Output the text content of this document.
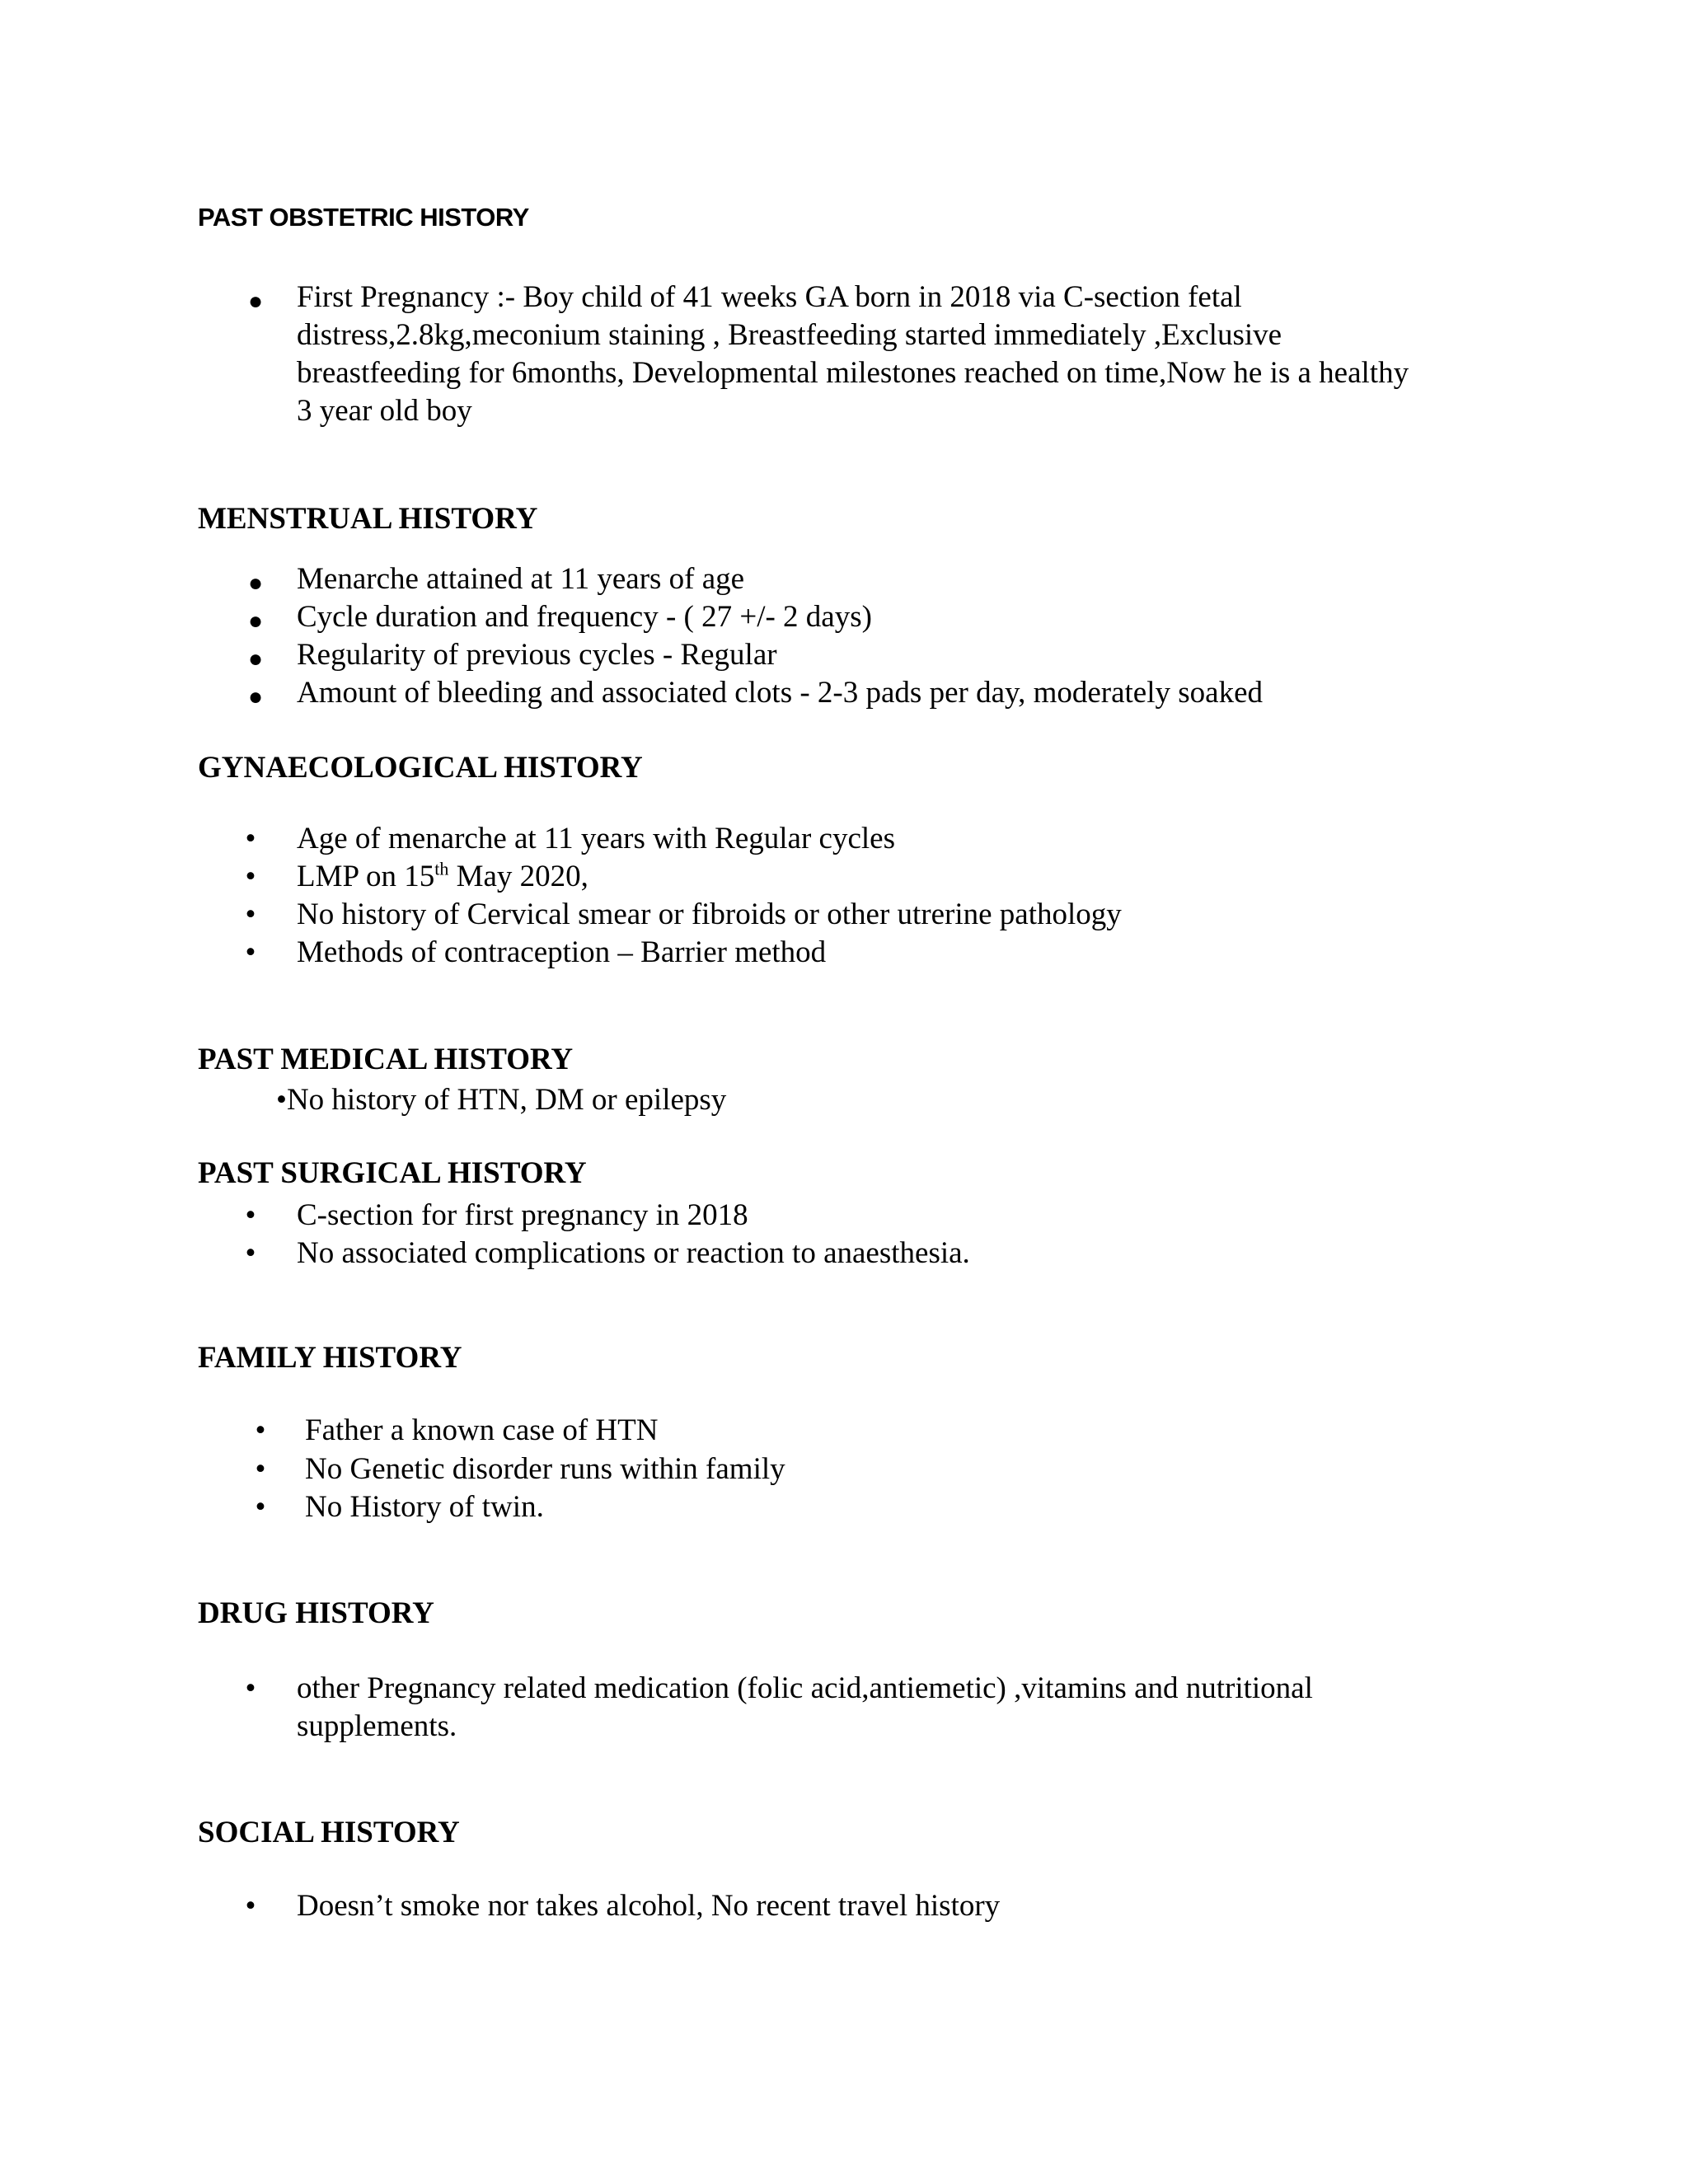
PAST OBSTETRIC HISTORY
● First Pregnancy :- Boy child of 41 weeks GA born in 2018 via C-section fetal distress,2.8kg,meconium staining , Breastfeeding started immediately ,Exclusive breastfeeding for 6months, Developmental milestones reached on time,Now he is a healthy 3 year old boy

MENSTRUAL HISTORY
● Menarche attained at 11 years of age

● Cycle duration and frequency - ( 27 +/- 2 days)

● Regularity of previous cycles - Regular

● Amount of bleeding and associated clots - 2-3 pads per day, moderately soaked

GYNAECOLOGICAL HISTORY
•	Age of menarche at 11 years with Regular cycles

•	LMP on 15th May 2020,

•	No history of Cervical smear or fibroids or other utrerine pathology

•	Methods of contraception – Barrier method

PAST MEDICAL HISTORY

•No history of HTN, DM or epilepsy

PAST SURGICAL HISTORY
•	C-section for first pregnancy in 2018

•	No associated complications or reaction to anaesthesia.

FAMILY HISTORY
•	Father a known case of HTN

•	No Genetic disorder runs within family

•	No History of twin.

DRUG HISTORY
•	other Pregnancy related medication (folic acid,antiemetic) ,vitamins and nutritional supplements.

SOCIAL HISTORY
•	Doesn’t smoke nor takes alcohol, No recent travel history
